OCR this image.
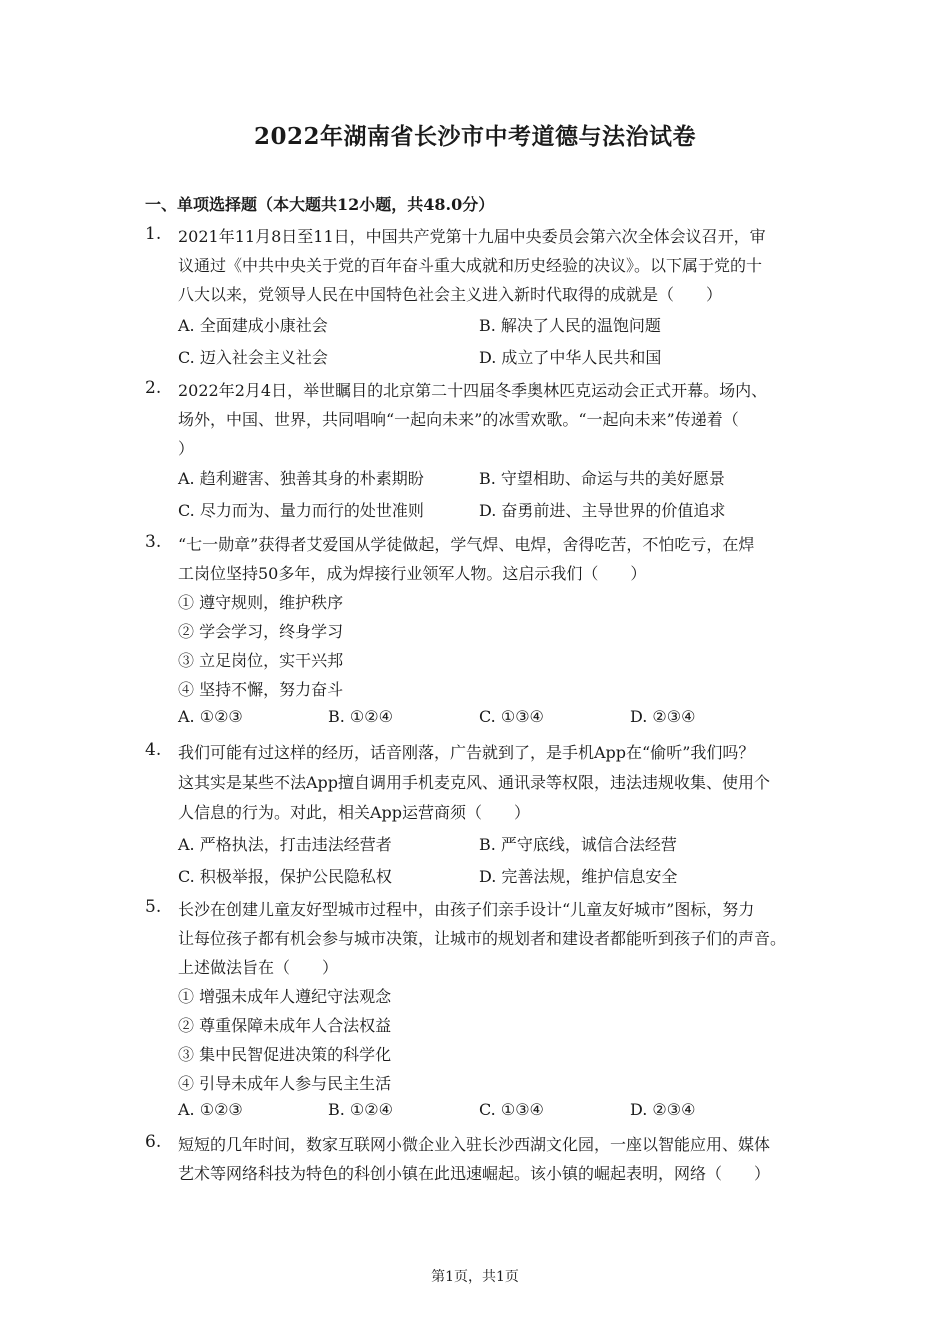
2022年湖南省长沙市中考道德与法治试卷
一、单项选择题（本大题共12小题，共48.0分）
1. 2021年11月8日至11日，中国共产党第十九届中央委员会第六次全体会议召开，审
议通过《中共中央关于党的百年奋斗重大成就和历史经验的决议》。以下属于党的十
八大以来，党领导人民在中国特色社会主义进入新时代取得的成就是（　　）
A. 全面建成小康社会	B. 解决了人民的温饱问题
C. 迈入社会主义社会	D. 成立了中华人民共和国
2. 2022年2月4日，举世瞩目的北京第二十四届冬季奥林匹克运动会正式开幕。场内、
场外，中国、世界，共同唱响“一起向未来”的冰雪欢歌。“一起向未来”传递着（
）
A. 趋利避害、独善其身的朴素期盼	B. 守望相助、命运与共的美好愿景
C. 尽力而为、量力而行的处世准则	D. 奋勇前进、主导世界的价值追求
3. “七一勋章”获得者艾爱国从学徒做起，学气焊、电焊，舍得吃苦，不怕吃亏，在焊
工岗位坚持50多年，成为焊接行业领军人物。这启示我们（　　）
① 遵守规则，维护秩序
② 学会学习，终身学习
③ 立足岗位，实干兴邦
④ 坚持不懈，努力奋斗
A. ①②③	B. ①②④	C. ①③④	D. ②③④
4. 我们可能有过这样的经历，话音刚落，广告就到了，是手机App在“偷听”我们吗？
这其实是某些不法App擅自调用手机麦克风、通讯录等权限，违法违规收集、使用个
人信息的行为。对此，相关App运营商须（　　）
A. 严格执法，打击违法经营者	B. 严守底线，诚信合法经营
C. 积极举报，保护公民隐私权	D. 完善法规，维护信息安全
5. 长沙在创建儿童友好型城市过程中，由孩子们亲手设计“儿童友好城市”图标，努力
让每位孩子都有机会参与城市决策，让城市的规划者和建设者都能听到孩子们的声音。
上述做法旨在（　　）
① 增强未成年人遵纪守法观念
② 尊重保障未成年人合法权益
③ 集中民智促进决策的科学化
④ 引导未成年人参与民主生活
A. ①②③	B. ①②④	C. ①③④	D. ②③④
6. 短短的几年时间，数家互联网小微企业入驻长沙西湖文化园，一座以智能应用、媒体
艺术等网络科技为特色的科创小镇在此迅速崛起。该小镇的崛起表明，网络（　　）
第1页，共1页
